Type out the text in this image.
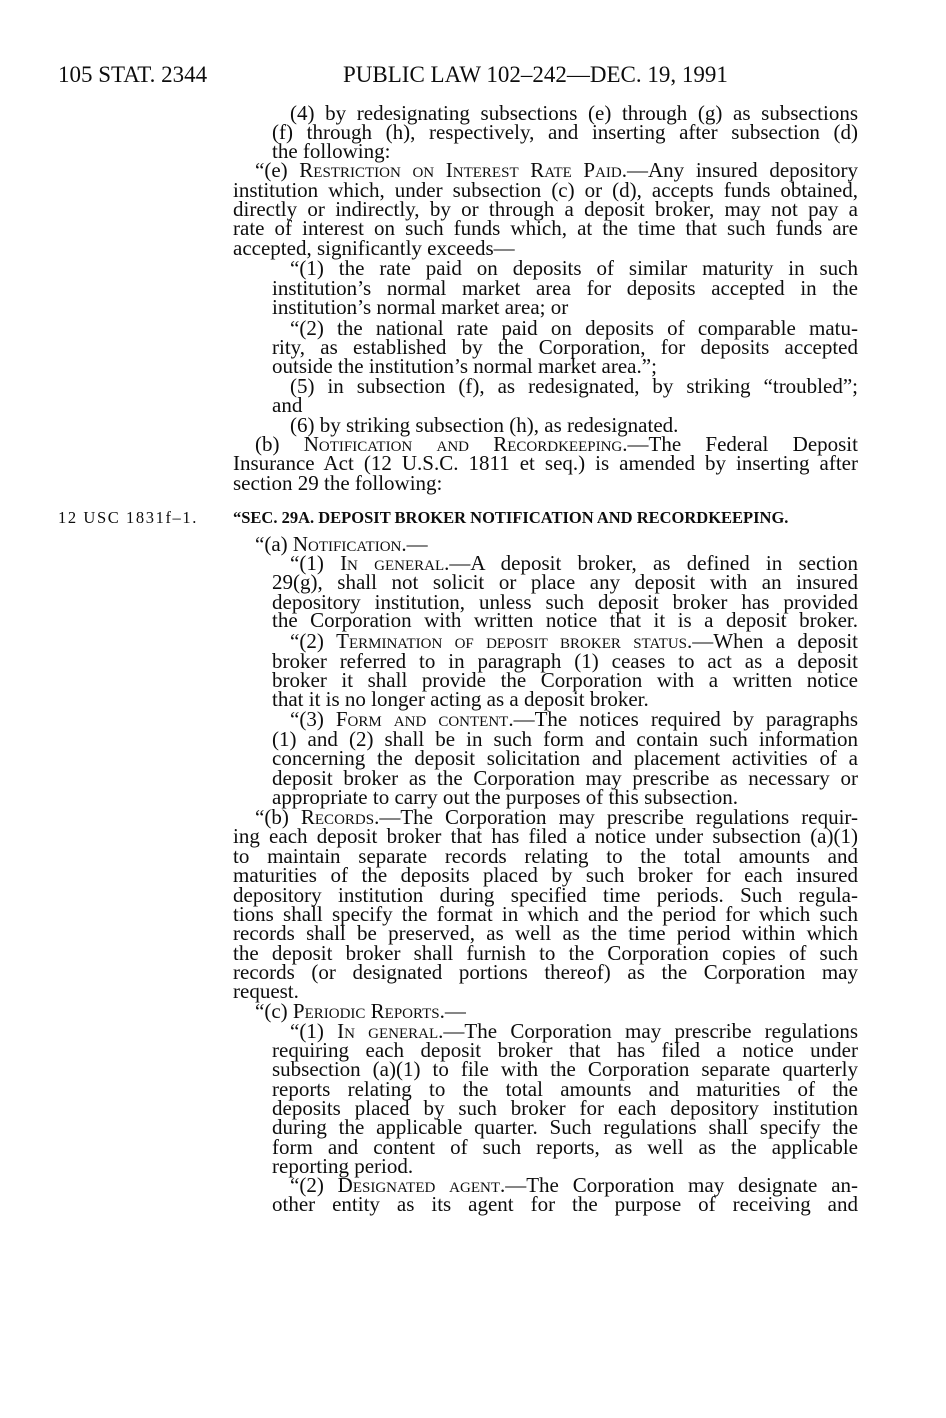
105 STAT. 2344	PUBLIC LAW 102–242—DEC. 19, 1991
12 USC 1831f–1.
(4) by redesignating subsections (e) through (g) as subsections
(f) through (h), respectively, and inserting after subsection (d)
the following:
“(e) Restriction on Interest Rate Paid.—Any insured depository
institution which, under subsection (c) or (d), accepts funds obtained,
directly or indirectly, by or through a deposit broker, may not pay a
rate of interest on such funds which, at the time that such funds are
accepted, significantly exceeds—
“(1) the rate paid on deposits of similar maturity in such
institution’s normal market area for deposits accepted in the
institution’s normal market area; or
“(2) the national rate paid on deposits of comparable matu-
rity, as established by the Corporation, for deposits accepted
outside the institution’s normal market area.”;
(5) in subsection (f), as redesignated, by striking “troubled”;
and
(6) by striking subsection (h), as redesignated.
(b) Notification and Recordkeeping.—The Federal Deposit
Insurance Act (12 U.S.C. 1811 et seq.) is amended by inserting after
section 29 the following:
“SEC. 29A. DEPOSIT BROKER NOTIFICATION AND RECORDKEEPING.
“(a) Notification.—
“(1) In general.—A deposit broker, as defined in section
29(g), shall not solicit or place any deposit with an insured
depository institution, unless such deposit broker has provided
the Corporation with written notice that it is a deposit broker.
“(2) Termination of deposit broker status.—When a deposit
broker referred to in paragraph (1) ceases to act as a deposit
broker it shall provide the Corporation with a written notice
that it is no longer acting as a deposit broker.
“(3) Form and content.—The notices required by paragraphs
(1) and (2) shall be in such form and contain such information
concerning the deposit solicitation and placement activities of a
deposit broker as the Corporation may prescribe as necessary or
appropriate to carry out the purposes of this subsection.
“(b) Records.—The Corporation may prescribe regulations requir-
ing each deposit broker that has filed a notice under subsection (a)(1)
to maintain separate records relating to the total amounts and
maturities of the deposits placed by such broker for each insured
depository institution during specified time periods. Such regula-
tions shall specify the format in which and the period for which such
records shall be preserved, as well as the time period within which
the deposit broker shall furnish to the Corporation copies of such
records (or designated portions thereof) as the Corporation may
request.
“(c) Periodic Reports.—
“(1) In general.—The Corporation may prescribe regulations
requiring each deposit broker that has filed a notice under
subsection (a)(1) to file with the Corporation separate quarterly
reports relating to the total amounts and maturities of the
deposits placed by such broker for each depository institution
during the applicable quarter. Such regulations shall specify the
form and content of such reports, as well as the applicable
reporting period.
“(2) Designated agent.—The Corporation may designate an-
other entity as its agent for the purpose of receiving and
